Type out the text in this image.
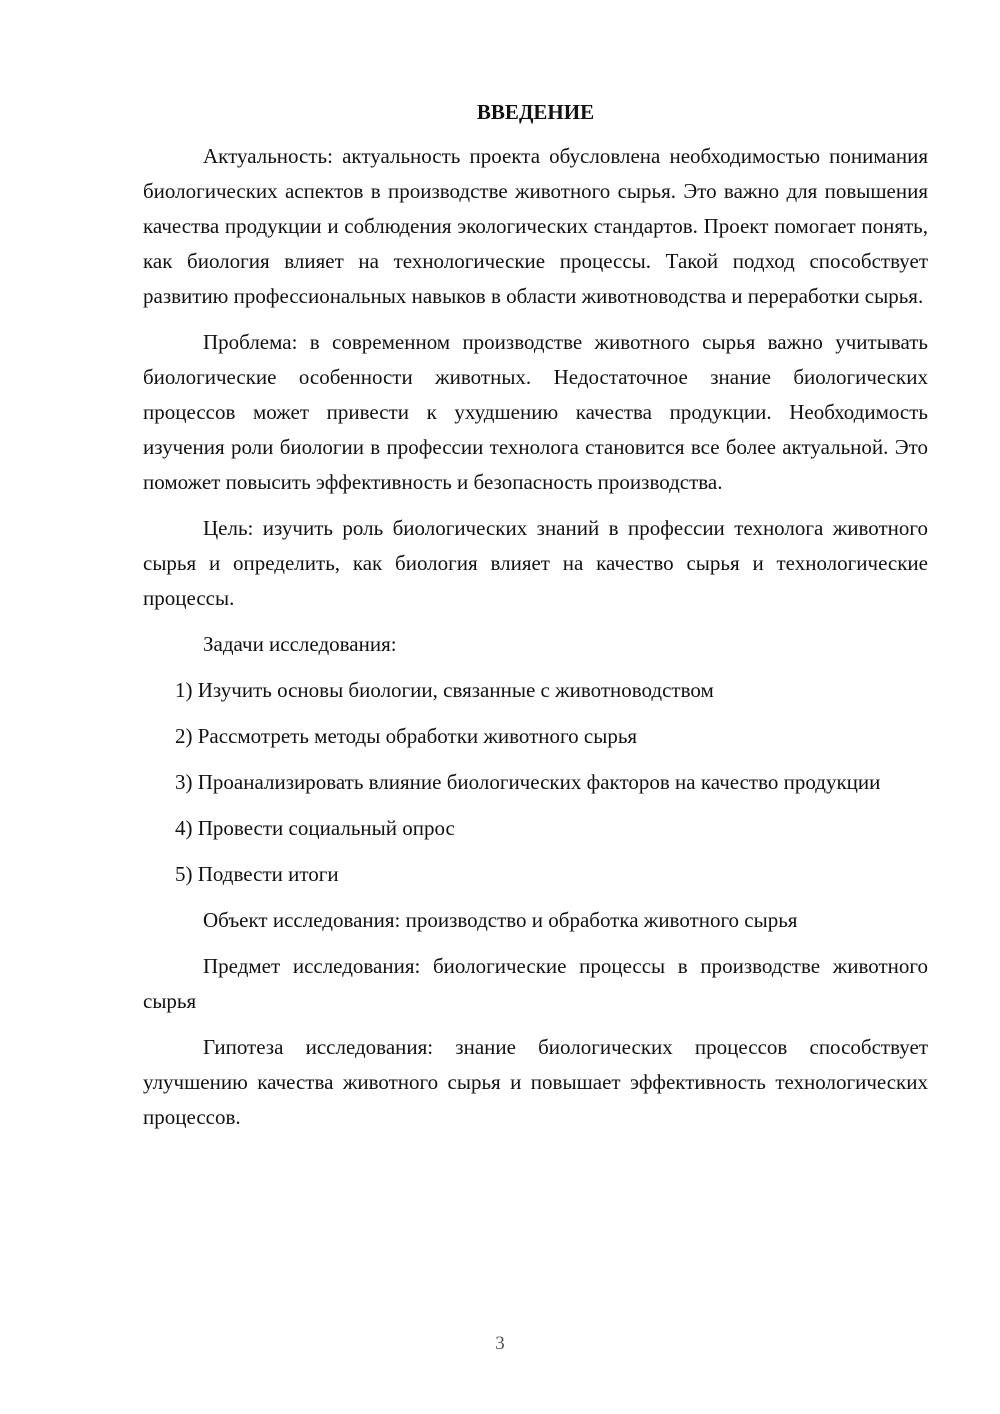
ВВЕДЕНИЕ

Актуальность: актуальность проекта обусловлена необходимостью понимания биологических аспектов в производстве животного сырья. Это важно для повышения качества продукции и соблюдения экологических стандартов. Проект помогает понять, как биология влияет на технологические процессы. Такой подход способствует развитию профессиональных навыков в области животноводства и переработки сырья.

Проблема: в современном производстве животного сырья важно учитывать биологические особенности животных. Недостаточное знание биологических процессов может привести к ухудшению качества продукции. Необходимость изучения роли биологии в профессии технолога становится все более актуальной. Это поможет повысить эффективность и безопасность производства.

Цель: изучить роль биологических знаний в профессии технолога животного сырья и определить, как биология влияет на качество сырья и технологические процессы.

Задачи исследования:

1) Изучить основы биологии, связанные с животноводством

2) Рассмотреть методы обработки животного сырья

3) Проанализировать влияние биологических факторов на качество продукции

4) Провести социальный опрос

5) Подвести итоги

Объект исследования: производство и обработка животного сырья

Предмет исследования: биологические процессы в производстве животного сырья

Гипотеза исследования: знание биологических процессов способствует улучшению качества животного сырья и повышает эффективность технологических процессов.

3
